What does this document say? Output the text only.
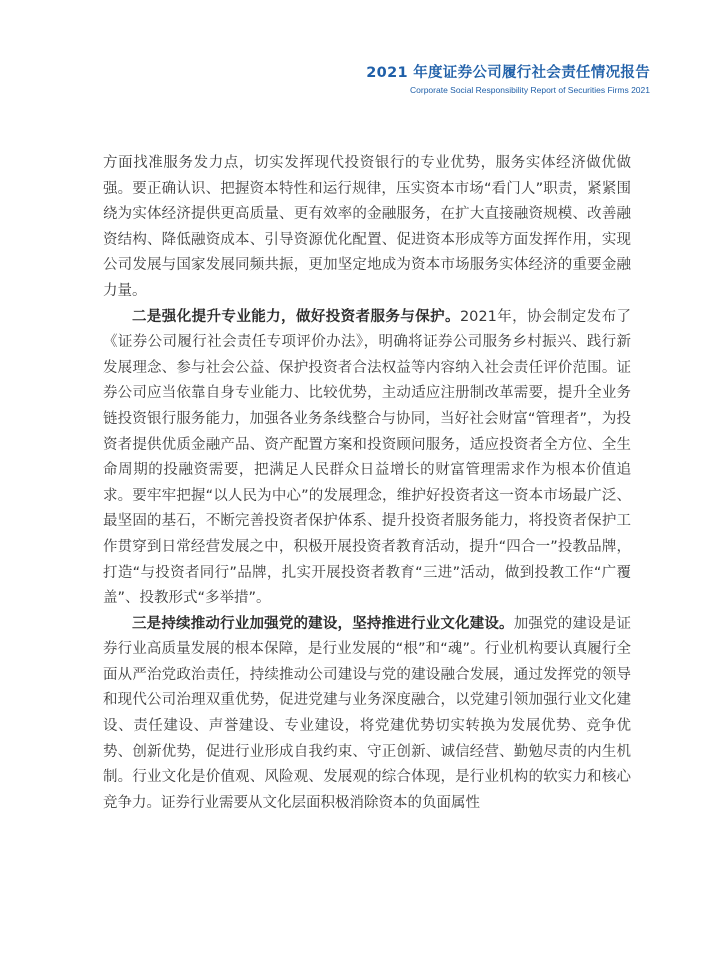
2021 年度证券公司履行社会责任情况报告
Corporate Social Responsibility Report of Securities Firms 2021

方面找准服务发力点，切实发挥现代投资银行的专业优势，服务实体经济做优做强。要正确认识、把握资本特性和运行规律，压实资本市场“看门人”职责，紧紧围绕为实体经济提供更高质量、更有效率的金融服务，在扩大直接融资规模、改善融资结构、降低融资成本、引导资源优化配置、促进资本形成等方面发挥作用，实现公司发展与国家发展同频共振，更加坚定地成为资本市场服务实体经济的重要金融力量。

二是强化提升专业能力，做好投资者服务与保护。2021年，协会制定发布了《证券公司履行社会责任专项评价办法》，明确将证券公司服务乡村振兴、践行新发展理念、参与社会公益、保护投资者合法权益等内容纳入社会责任评价范围。证券公司应当依靠自身专业能力、比较优势，主动适应注册制改革需要，提升全业务链投资银行服务能力，加强各业务条线整合与协同，当好社会财富“管理者”，为投资者提供优质金融产品、资产配置方案和投资顾问服务，适应投资者全方位、全生命周期的投融资需要，把满足人民群众日益增长的财富管理需求作为根本价值追求。要牢牢把握“以人民为中心”的发展理念，维护好投资者这一资本市场最广泛、最坚固的基石，不断完善投资者保护体系、提升投资者服务能力，将投资者保护工作贯穿到日常经营发展之中，积极开展投资者教育活动，提升“四合一”投教品牌，打造“与投资者同行”品牌，扎实开展投资者教育“三进”活动，做到投教工作“广覆盖”、投教形式“多举措”。

三是持续推动行业加强党的建设，坚持推进行业文化建设。加强党的建设是证券行业高质量发展的根本保障，是行业发展的“根”和“魂”。行业机构要认真履行全面从严治党政治责任，持续推动公司建设与党的建设融合发展，通过发挥党的领导和现代公司治理双重优势，促进党建与业务深度融合，以党建引领加强行业文化建设、责任建设、声誉建设、专业建设，将党建优势切实转换为发展优势、竞争优势、创新优势，促进行业形成自我约束、守正创新、诚信经营、勤勉尽责的内生机制。行业文化是价值观、风险观、发展观的综合体现，是行业机构的软实力和核心竞争力。证券行业需要从文化层面积极消除资本的负面属性
